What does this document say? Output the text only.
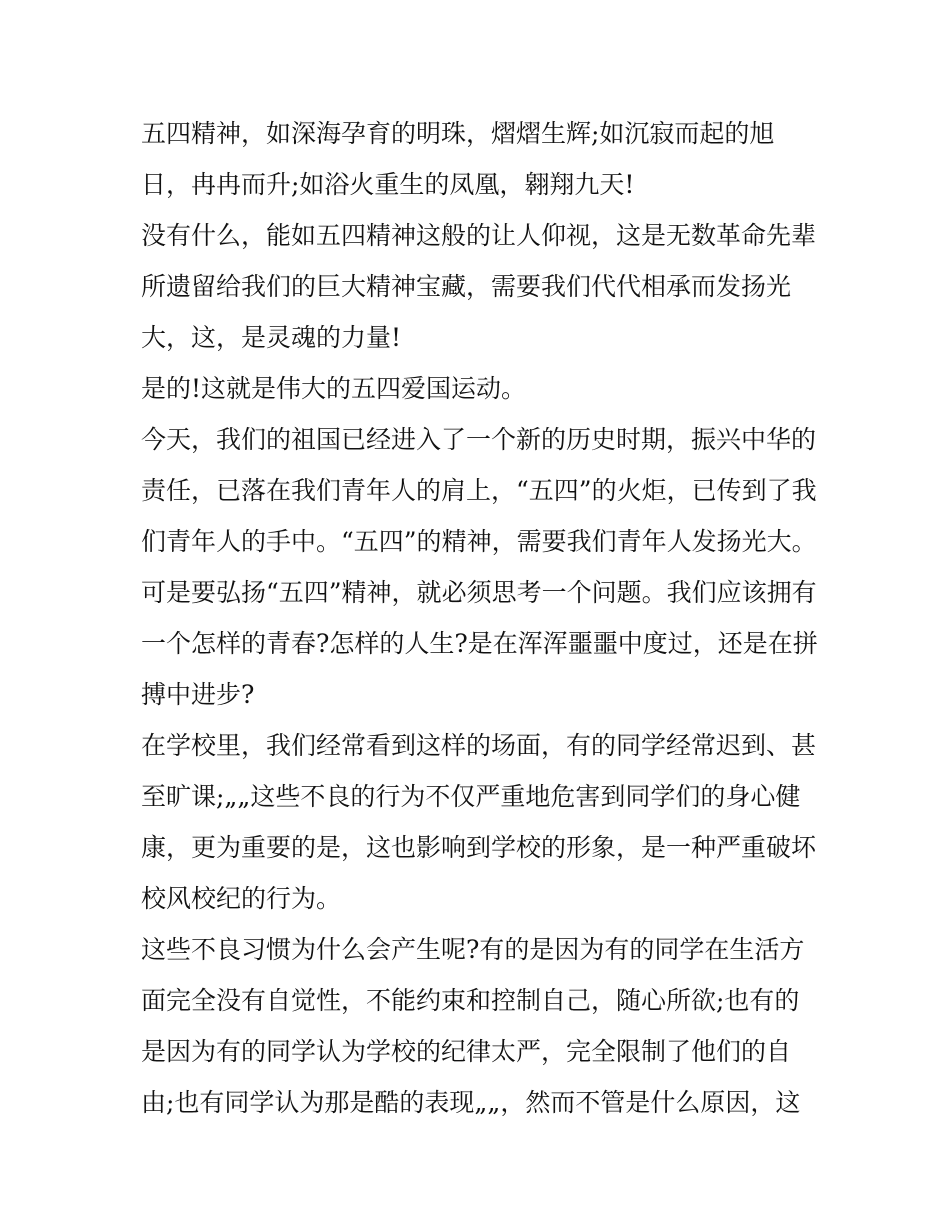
五四精神，如深海孕育的明珠，熠熠生辉;如沉寂而起的旭
日，冉冉而升;如浴火重生的凤凰，翱翔九天!
没有什么，能如五四精神这般的让人仰视，这是无数革命先辈
所遗留给我们的巨大精神宝藏，需要我们代代相承而发扬光
大，这，是灵魂的力量!
是的!这就是伟大的五四爱国运动。
今天，我们的祖国已经进入了一个新的历史时期，振兴中华的
责任，已落在我们青年人的肩上，“五四”的火炬，已传到了我
们青年人的手中。“五四”的精神，需要我们青年人发扬光大。
可是要弘扬“五四”精神，就必须思考一个问题。我们应该拥有
一个怎样的青春?怎样的人生?是在浑浑噩噩中度过，还是在拼
搏中进步?
在学校里，我们经常看到这样的场面，有的同学经常迟到、甚
至旷课;„„这些不良的行为不仅严重地危害到同学们的身心健
康，更为重要的是，这也影响到学校的形象，是一种严重破坏
校风校纪的行为。
这些不良习惯为什么会产生呢?有的是因为有的同学在生活方
面完全没有自觉性，不能约束和控制自己，随心所欲;也有的
是因为有的同学认为学校的纪律太严，完全限制了他们的自
由;也有同学认为那是酷的表现„„，然而不管是什么原因，这
